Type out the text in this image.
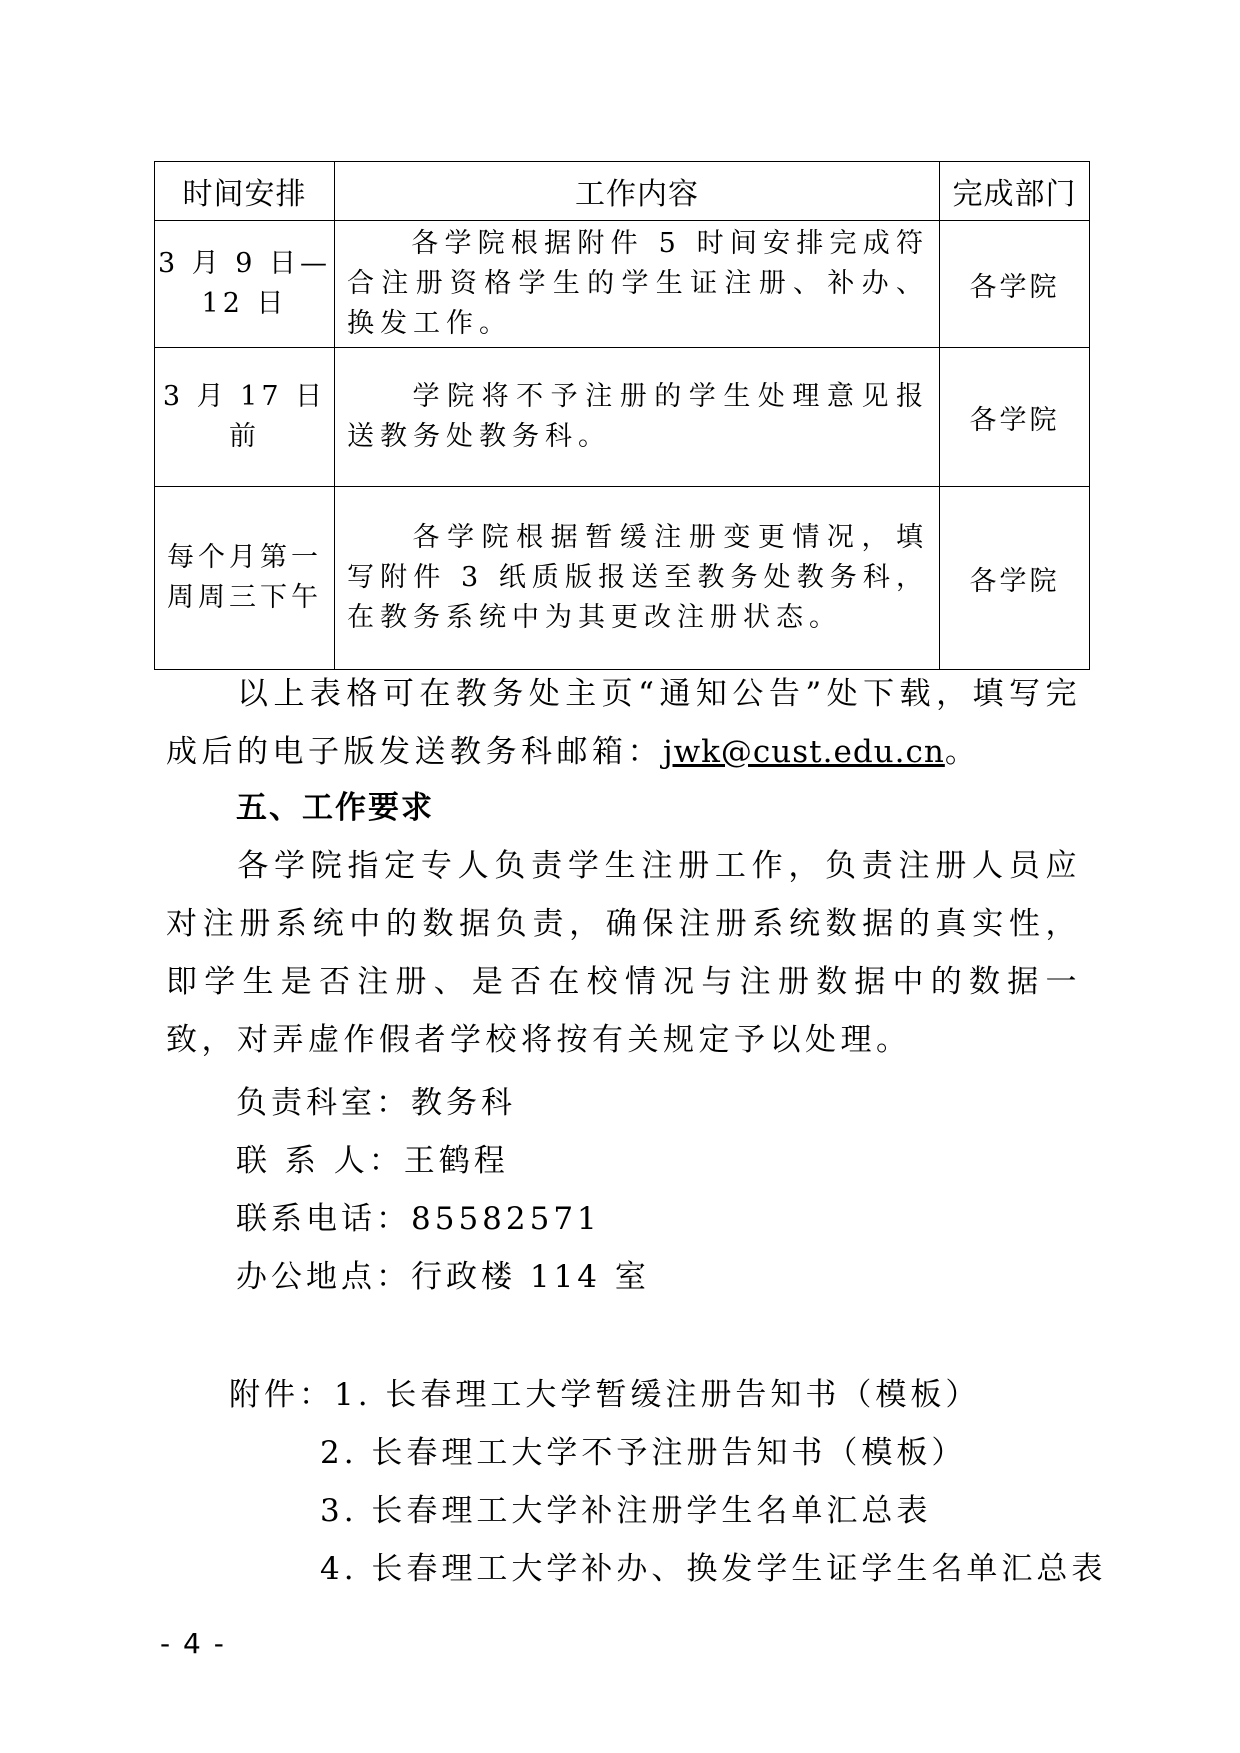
时间安排	工作内容	完成部门

3 月 9 日—
12 日	各学院根据附件 5 时间安排完成符合注册资格学生的学生证注册、补办、换发工作。	各学院

3 月 17 日前	学院将不予注册的学生处理意见报送教务处教务科。	各学院

每个月第一
周周三下午	各学院根据暂缓注册变更情况，填写附件 3 纸质版报送至教务处教务科，在教务系统中为其更改注册状态。	各学院

以上表格可在教务处主页“通知公告”处下载，填写完成后的电子版发送教务科邮箱：jwk@cust.edu.cn。

五、工作要求

各学院指定专人负责学生注册工作，负责注册人员应对注册系统中的数据负责，确保注册系统数据的真实性，即学生是否注册、是否在校情况与注册数据中的数据一致，对弄虚作假者学校将按有关规定予以处理。

负责科室：教务科

联 系 人：王鹤程

联系电话：85582571

办公地点：行政楼 114 室

附件：1. 长春理工大学暂缓注册告知书（模板）

2. 长春理工大学不予注册告知书（模板）

3. 长春理工大学补注册学生名单汇总表

4. 长春理工大学补办、换发学生证学生名单汇总表

- 4 -
